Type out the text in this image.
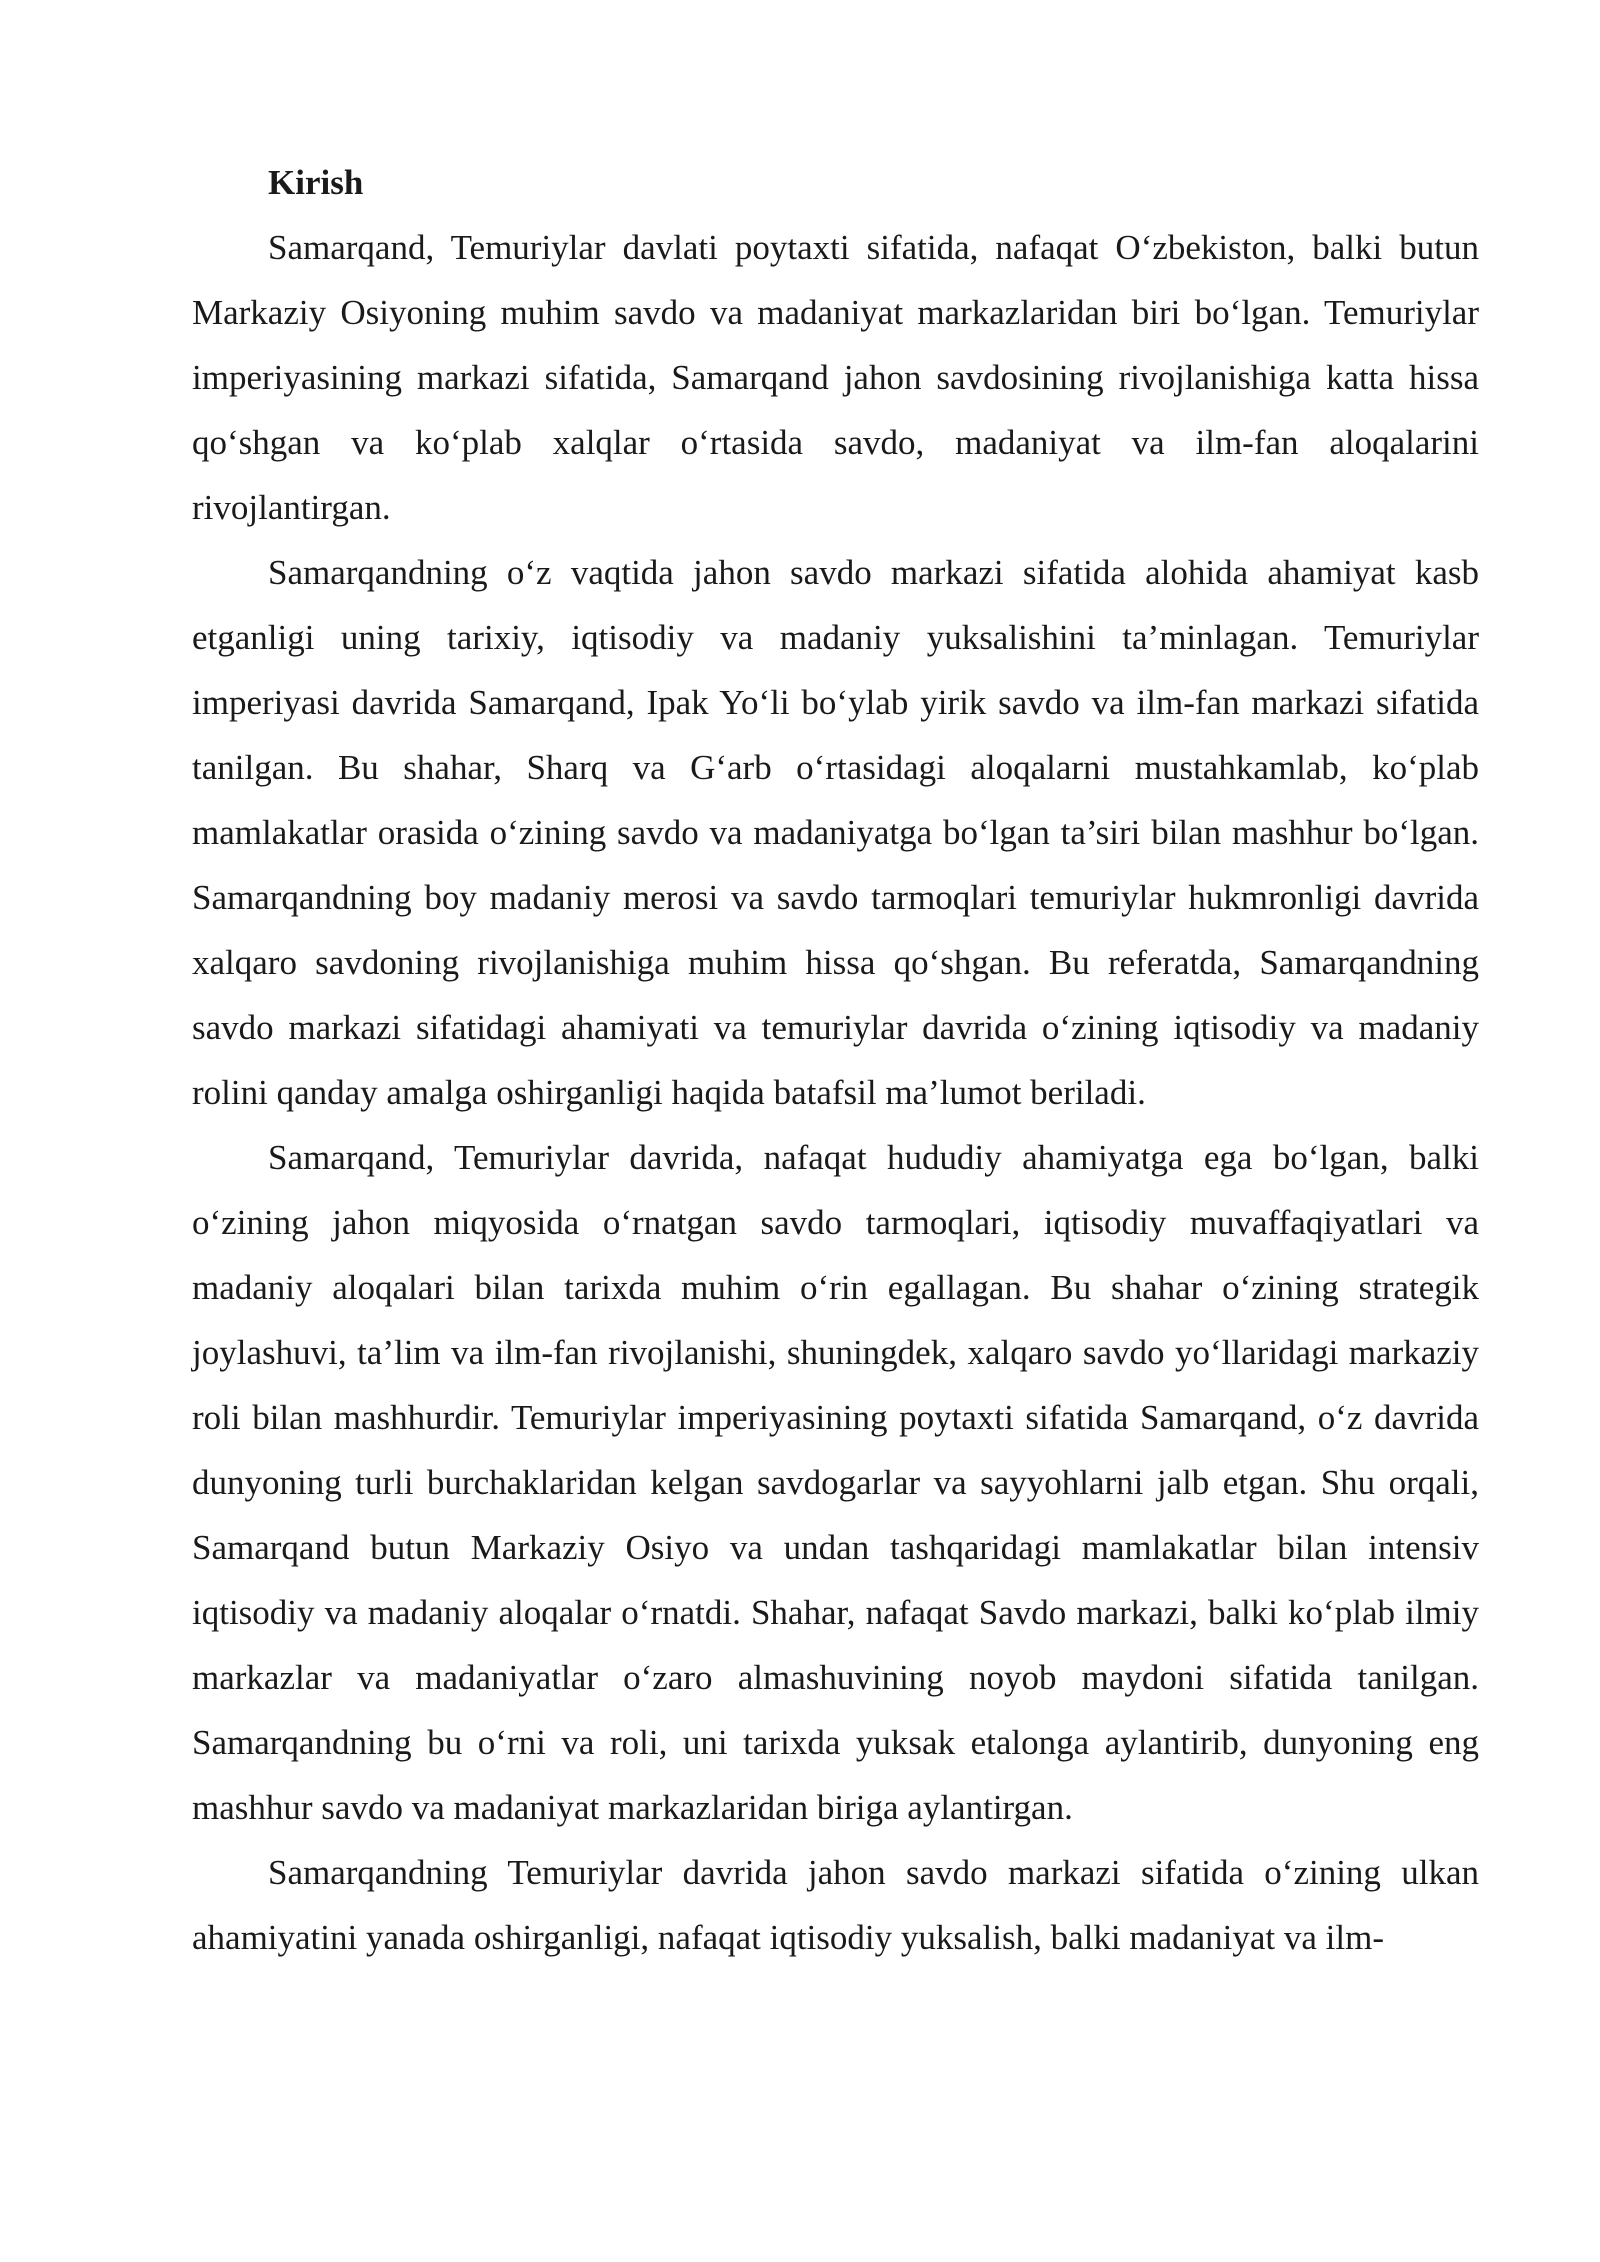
Kirish

Samarqand, Temuriylar davlati poytaxti sifatida, nafaqat O‘zbekiston, balki butun Markaziy Osiyoning muhim savdo va madaniyat markazlaridan biri bo‘lgan. Temuriylar imperiyasining markazi sifatida, Samarqand jahon savdosining rivojlanishiga katta hissa qo‘shgan va ko‘plab xalqlar o‘rtasida savdo, madaniyat va ilm-fan aloqalarini rivojlantirgan.

Samarqandning o‘z vaqtida jahon savdo markazi sifatida alohida ahamiyat kasb etganligi uning tarixiy, iqtisodiy va madaniy yuksalishini ta’minlagan. Temuriylar imperiyasi davrida Samarqand, Ipak Yo‘li bo‘ylab yirik savdo va ilm-fan markazi sifatida tanilgan. Bu shahar, Sharq va G‘arb o‘rtasidagi aloqalarni mustahkamlab, ko‘plab mamlakatlar orasida o‘zining savdo va madaniyatga bo‘lgan ta’siri bilan mashhur bo‘lgan. Samarqandning boy madaniy merosi va savdo tarmoqlari temuriylar hukmronligi davrida xalqaro savdoning rivojlanishiga muhim hissa qo‘shgan. Bu referatda, Samarqandning savdo markazi sifatidagi ahamiyati va temuriylar davrida o‘zining iqtisodiy va madaniy rolini qanday amalga oshirganligi haqida batafsil ma’lumot beriladi.

Samarqand, Temuriylar davrida, nafaqat hududiy ahamiyatga ega bo‘lgan, balki o‘zining jahon miqyosida o‘rnatgan savdo tarmoqlari, iqtisodiy muvaffaqiyatlari va madaniy aloqalari bilan tarixda muhim o‘rin egallagan. Bu shahar o‘zining strategik joylashuvi, ta’lim va ilm-fan rivojlanishi, shuningdek, xalqaro savdo yo‘llaridagi markaziy roli bilan mashhurdir. Temuriylar imperiyasining poytaxti sifatida Samarqand, o‘z davrida dunyoning turli burchaklaridan kelgan savdogarlar va sayyohlarni jalb etgan. Shu orqali, Samarqand butun Markaziy Osiyo va undan tashqaridagi mamlakatlar bilan intensiv iqtisodiy va madaniy aloqalar o‘rnatdi. Shahar, nafaqat Savdo markazi, balki ko‘plab ilmiy markazlar va madaniyatlar o‘zaro almashuvining noyob maydoni sifatida tanilgan. Samarqandning bu o‘rni va roli, uni tarixda yuksak etalonga aylantirib, dunyoning eng mashhur savdo va madaniyat markazlaridan biriga aylantirgan.

Samarqandning Temuriylar davrida jahon savdo markazi sifatida o‘zining ulkan ahamiyatini yanada oshirganligi, nafaqat iqtisodiy yuksalish, balki madaniyat va ilm-
